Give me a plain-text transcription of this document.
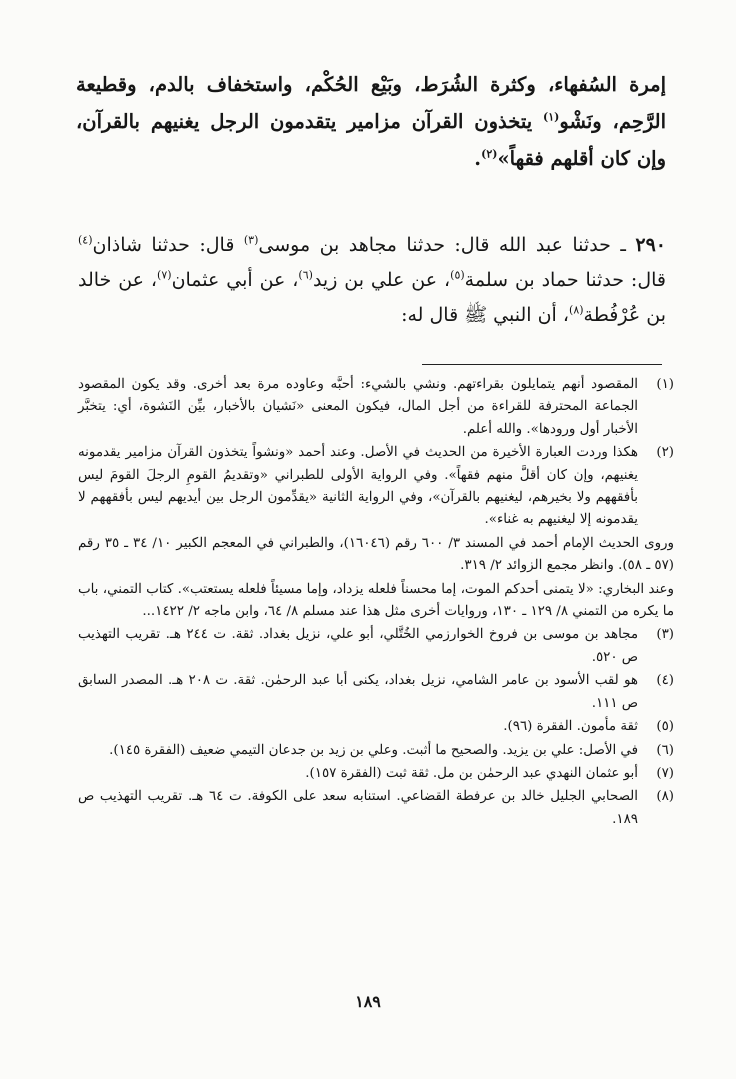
إمرة السُفهاء، وكثرة الشُرَط، وبَيْع الحُكْم، واستخفاف بالدم، وقطيعة الرَّحِم، ونَشْو$^{(١)}$ يتخذون القرآن مزامير يتقدمون الرجل يغنيهم بالقرآن، وإن كان أقلهم فقهاً»$^{(٢)}$.
٢٩٠ ـ حدثنا عبد الله قال: حدثنا مجاهد بن موسى$^{(٣)}$ قال: حدثنا شاذان$^{(٤)}$ قال: حدثنا حماد بن سلمة$^{(٥)}$، عن علي بن زيد$^{(٦)}$، عن أبي عثمان$^{(٧)}$، عن خالد بن عُرْفُطة$^{(٨)}$، أن النبي ﷺ قال له:
(١)
المقصود أنهم يتمايلون بقراءتهم. ونشي بالشيء: أحبَّه وعاوده مرة بعد أخرى. وقد يكون المقصود الجماعة المحترفة للقراءة من أجل المال، فيكون المعنى «نَشيان بالأخبار، بيِّن النَشوة، أي: يتخبَّر الأخبار أول ورودها». والله أعلم.
(٢)
هكذا وردت العبارة الأخيرة من الحديث في الأصل. وعند أحمد «ونشواً يتخذون القرآن مزامير يقدمونه يغنيهم، وإن كان أقلَّ منهم فقهاً». وفي الرواية الأولى للطبراني «وتقديمُ القومِ الرجلَ القومَ ليس بأفقههم ولا بخيرهم، ليغنيهم بالقرآن»، وفي الرواية الثانية «يقدِّمون الرجل بين أيديهم ليس بأفقههم لا يقدمونه إلا ليغنيهم به غناء».
وروى الحديث الإمام أحمد في المسند ٣/ ٦٠٠ رقم (١٦٠٤٦)، والطبراني في المعجم الكبير ١٠/ ٣٤ ـ ٣٥ رقم (٥٧ ـ ٥٨). وانظر مجمع الزوائد ٢/ ٣١٩.
وعند البخاري: «لا يتمنى أحدكم الموت، إما محسناً فلعله يزداد، وإما مسيئاً فلعله يستعتب». كتاب التمني، باب ما يكره من التمني ٨/ ١٢٩ ـ ١٣٠، وروايات أخرى مثل هذا عند مسلم ٨/ ٦٤، وابن ماجه ٢/ ١٤٢٢...
(٣)
مجاهد بن موسى بن فروخ الخوارزمي الخُتَّلي، أبو علي، نزيل بغداد. ثقة. ت ٢٤٤ هـ. تقريب التهذيب ص ٥٢٠.
(٤)
هو لقب الأسود بن عامر الشامي، نزيل بغداد، يكنى أبا عبد الرحمٰن. ثقة. ت ٢٠٨ هـ. المصدر السابق ص ١١١.
(٥)
ثقة مأمون. الفقرة (٩٦).
(٦)
في الأصل: علي بن يزيد. والصحيح ما أثبت. وعلي بن زيد بن جدعان التيمي ضعيف (الفقرة ١٤٥).
(٧)
أبو عثمان النهدي عبد الرحمٰن بن مل. ثقة ثبت (الفقرة ١٥٧).
(٨)
الصحابي الجليل خالد بن عرفطة القضاعي. استنابه سعد على الكوفة. ت ٦٤ هـ. تقريب التهذيب ص ١٨٩.
١٨٩
